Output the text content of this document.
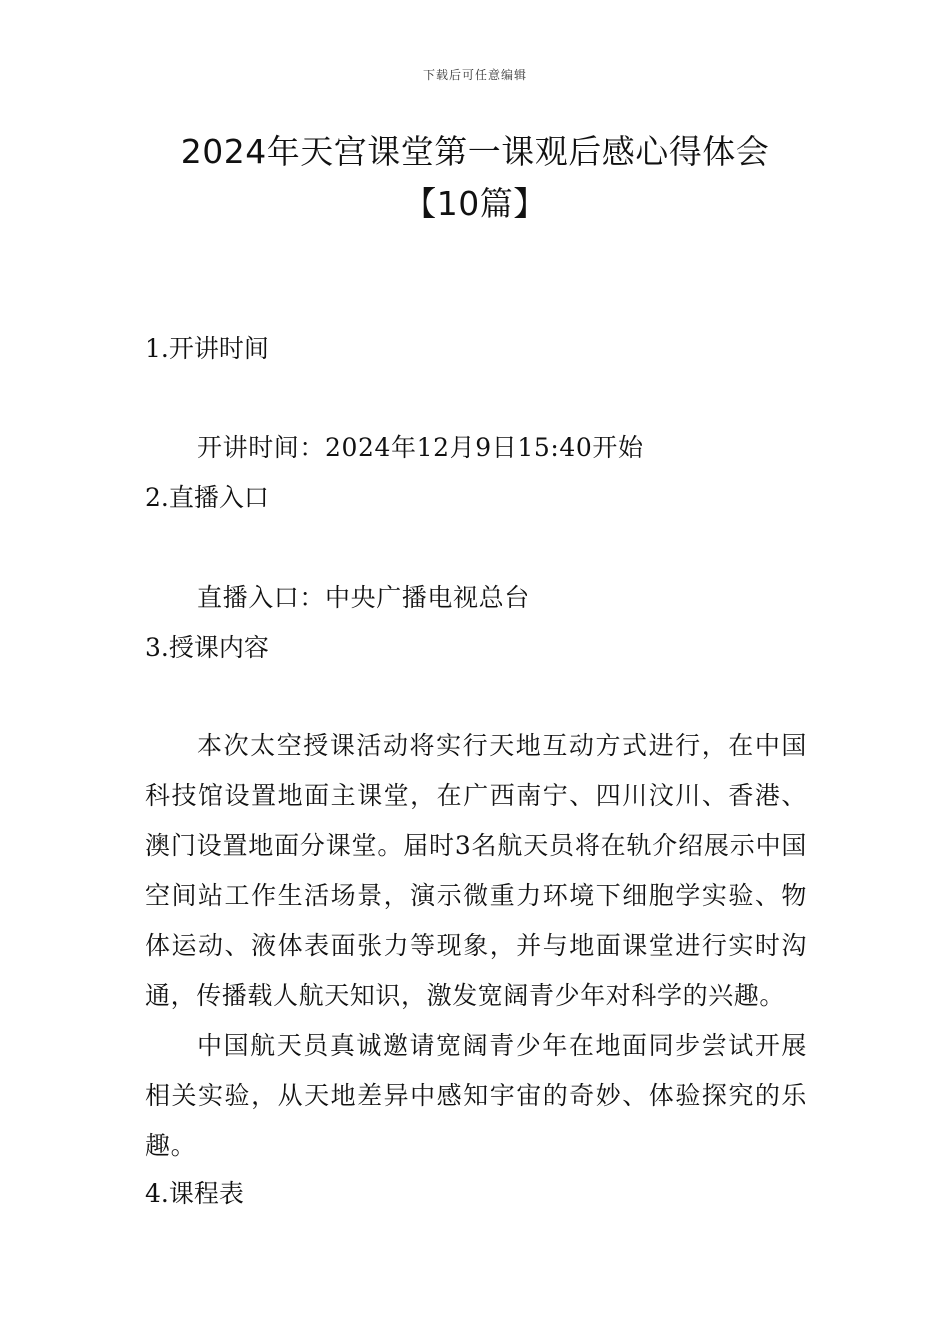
下载后可任意编辑
2024年天宫课堂第一课观后感心得体会
【10篇】
1.开讲时间
开讲时间：2024年12月9日15:40开始
2.直播入口
直播入口：中央广播电视总台
3.授课内容
本次太空授课活动将实行天地互动方式进行，在中国科技馆设置地面主课堂，在广西南宁、四川汶川、香港、澳门设置地面分课堂。届时3名航天员将在轨介绍展示中国空间站工作生活场景，演示微重力环境下细胞学实验、物体运动、液体表面张力等现象，并与地面课堂进行实时沟通，传播载人航天知识，激发宽阔青少年对科学的兴趣。
中国航天员真诚邀请宽阔青少年在地面同步尝试开展相关实验，从天地差异中感知宇宙的奇妙、体验探究的乐趣。
4.课程表
